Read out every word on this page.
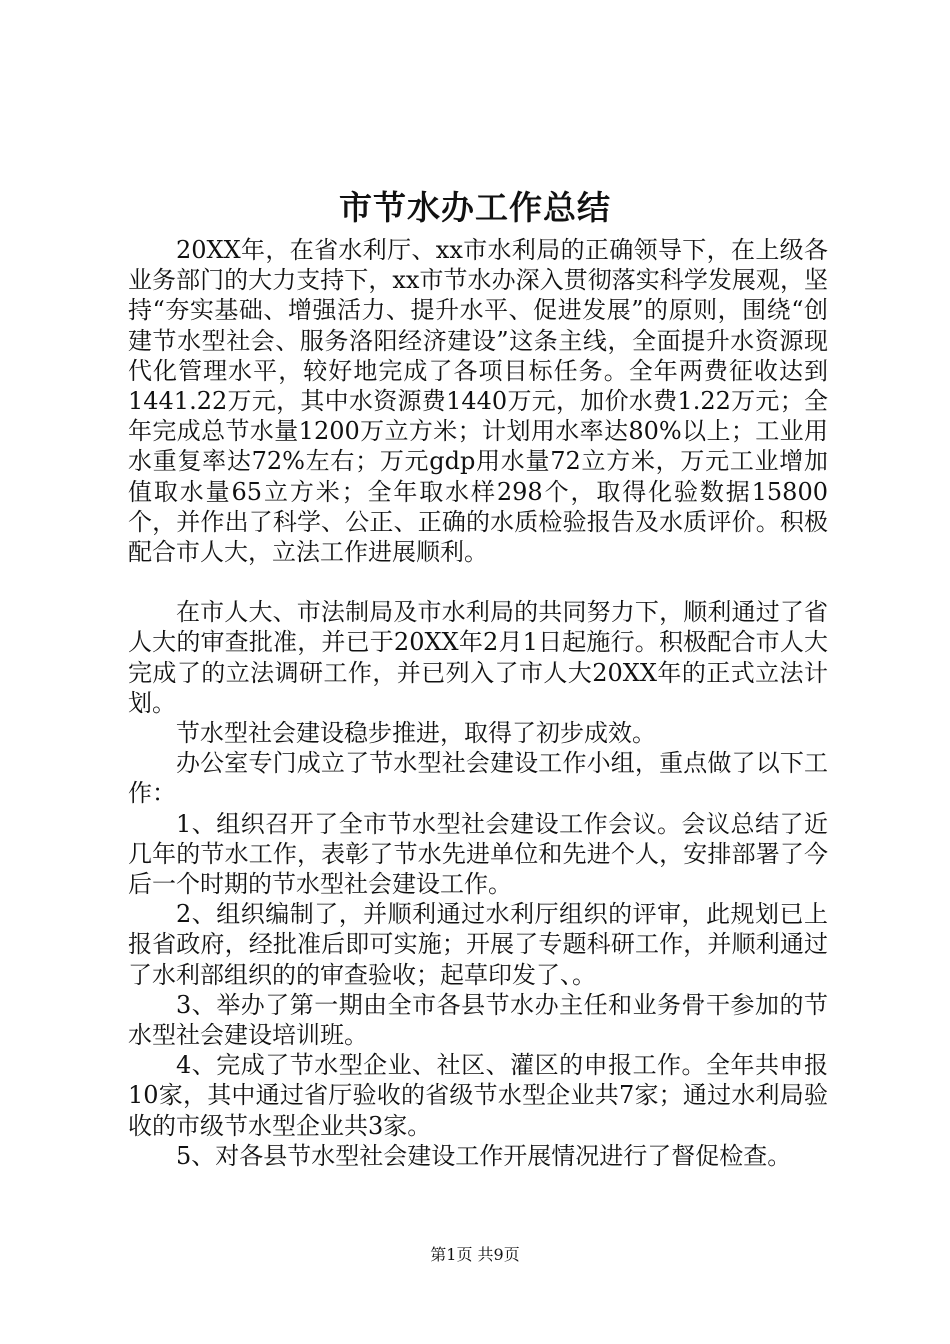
市节水办工作总结

20XX年，在省水利厅、xx市水利局的正确领导下，在上级各业务部门的大力支持下，xx市节水办深入贯彻落实科学发展观，坚持“夯实基础、增强活力、提升水平、促进发展”的原则，围绕“创建节水型社会、服务洛阳经济建设”这条主线，全面提升水资源现代化管理水平，较好地完成了各项目标任务。全年两费征收达到1441.22万元，其中水资源费1440万元，加价水费1.22万元；全年完成总节水量1200万立方米；计划用水率达80%以上；工业用水重复率达72%左右；万元gdp用水量72立方米，万元工业增加值取水量65立方米；全年取水样298个，取得化验数据15800个，并作出了科学、公正、正确的水质检验报告及水质评价。积极配合市人大，立法工作进展顺利。

在市人大、市法制局及市水利局的共同努力下，顺利通过了省人大的审查批准，并已于20XX年2月1日起施行。积极配合市人大完成了的立法调研工作，并已列入了市人大20XX年的正式立法计划。

节水型社会建设稳步推进，取得了初步成效。

办公室专门成立了节水型社会建设工作小组，重点做了以下工作：

1、组织召开了全市节水型社会建设工作会议。会议总结了近几年的节水工作，表彰了节水先进单位和先进个人，安排部署了今后一个时期的节水型社会建设工作。

2、组织编制了，并顺利通过水利厅组织的评审，此规划已上报省政府，经批准后即可实施；开展了专题科研工作，并顺利通过了水利部组织的的审查验收；起草印发了、。

3、举办了第一期由全市各县节水办主任和业务骨干参加的节水型社会建设培训班。

4、完成了节水型企业、社区、灌区的申报工作。全年共申报10家，其中通过省厅验收的省级节水型企业共7家；通过水利局验收的市级节水型企业共3家。

5、对各县节水型社会建设工作开展情况进行了督促检查。

第1页 共9页
